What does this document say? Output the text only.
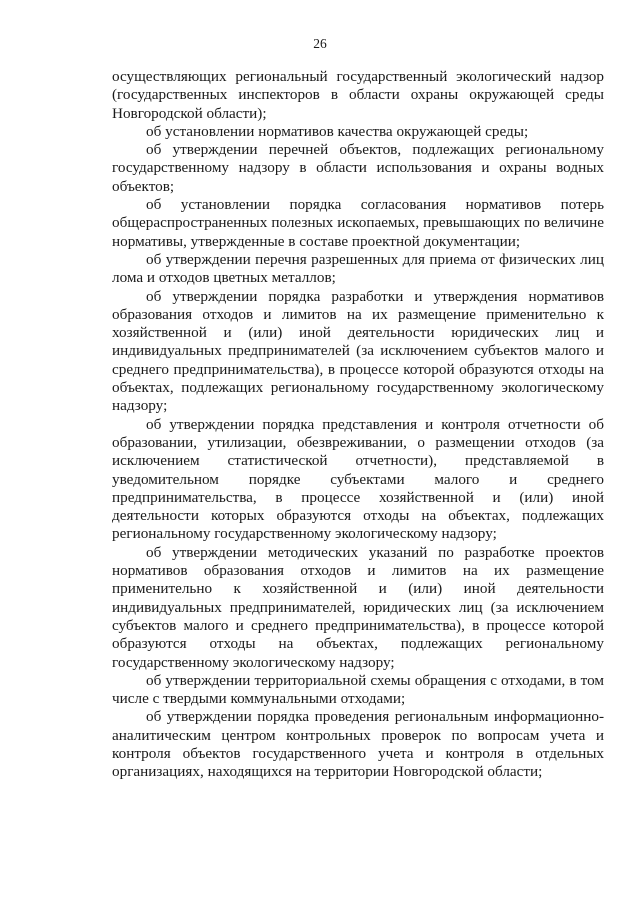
26

осуществляющих региональный государственный экологический надзор (государственных инспекторов в области охраны окружающей среды Новгородской области);

об установлении нормативов качества окружающей среды;

об утверждении перечней объектов, подлежащих региональному государственному надзору в области использования и охраны водных объектов;

об установлении порядка согласования нормативов потерь общераспространенных полезных ископаемых, превышающих по величине нормативы, утвержденные в составе проектной документации;

об утверждении перечня разрешенных для приема от физических лиц лома и отходов цветных металлов;

об утверждении порядка разработки и утверждения нормативов образования отходов и лимитов на их размещение применительно к хозяйственной и (или) иной деятельности юридических лиц и индивидуальных предпринимателей (за исключением субъектов малого и среднего предпринимательства), в процессе которой образуются отходы на объектах, подлежащих региональному государственному экологическому надзору;

об утверждении порядка представления и контроля отчетности об образовании, утилизации, обезвреживании, о размещении отходов (за исключением статистической отчетности), представляемой в уведомительном порядке субъектами малого и среднего предпринимательства, в процессе хозяйственной и (или) иной деятельности которых образуются отходы на объектах, подлежащих региональному государственному экологическому надзору;

об утверждении методических указаний по разработке проектов нормативов образования отходов и лимитов на их размещение применительно к хозяйственной и (или) иной деятельности индивидуальных предпринимателей, юридических лиц (за исключением субъектов малого и среднего предпринимательства), в процессе которой образуются отходы на объектах, подлежащих региональному государственному экологическому надзору;

об утверждении территориальной схемы обращения с отходами, в том числе с твердыми коммунальными отходами;

об утверждении порядка проведения региональным информационно-аналитическим центром контрольных проверок по вопросам учета и контроля объектов государственного учета и контроля в отдельных организациях, находящихся на территории Новгородской области;
